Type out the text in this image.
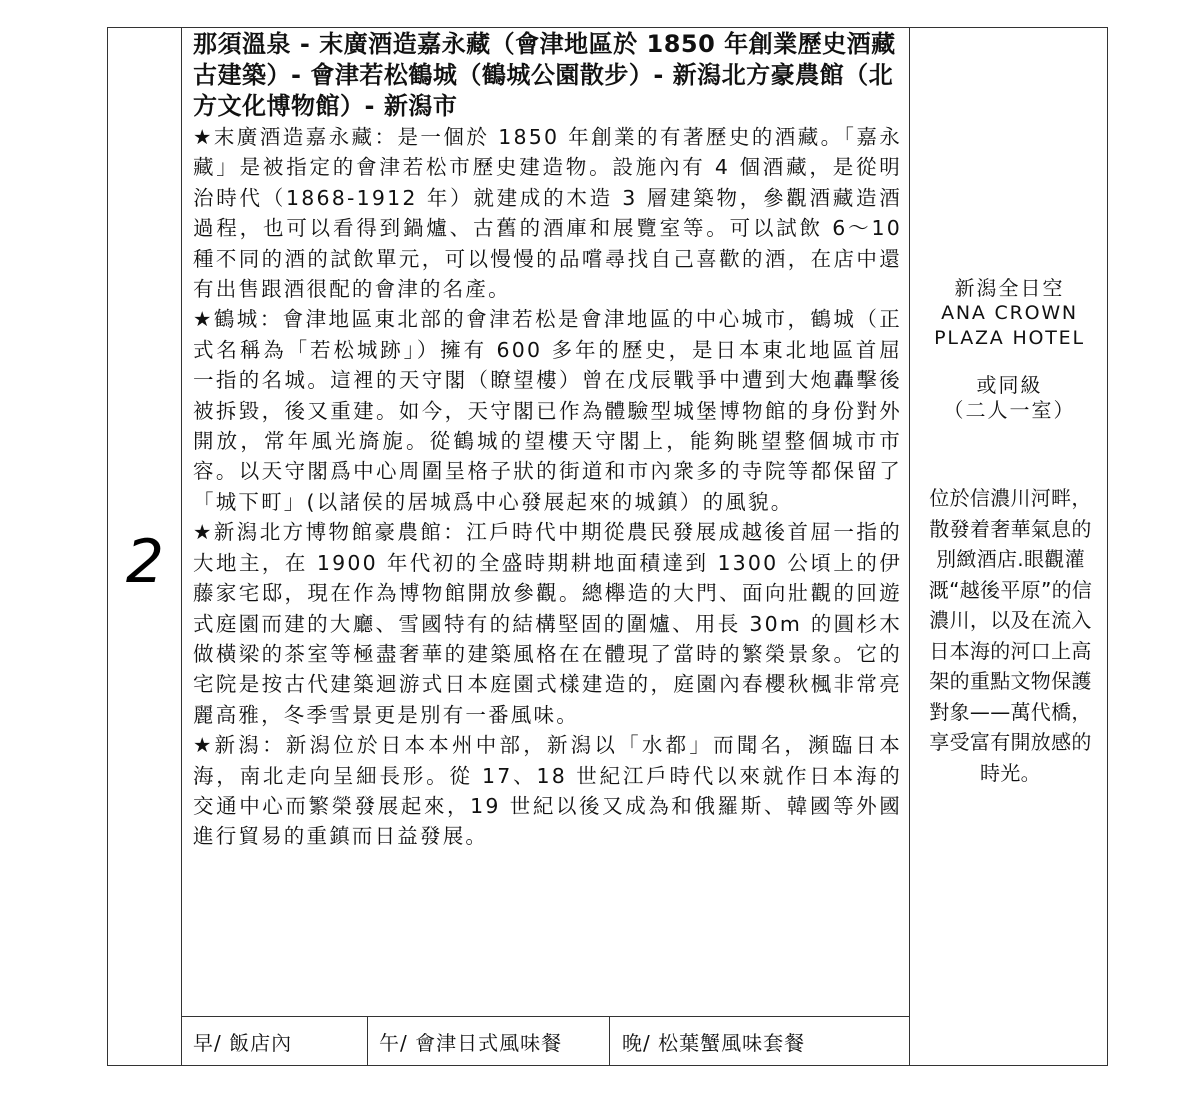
2
那須溫泉 - 末廣酒造嘉永藏（會津地區於 1850 年創業歷史酒藏古建築）- 會津若松鶴城（鶴城公園散步）- 新潟北方豪農館（北方文化博物館）- 新潟市

★末廣酒造嘉永藏：是一個於 1850 年創業的有著歷史的酒藏。「嘉永藏」是被指定的會津若松市歷史建造物。設施內有 4 個酒藏，是從明治時代（1868-1912 年）就建成的木造 3 層建築物，參觀酒藏造酒過程，也可以看得到鍋爐、古舊的酒庫和展覽室等。可以試飲 6～10 種不同的酒的試飲單元，可以慢慢的品嚐尋找自己喜歡的酒，在店中還有出售跟酒很配的會津的名產。

★鶴城：會津地區東北部的會津若松是會津地區的中心城市，鶴城（正式名稱為「若松城跡」）擁有 600 多年的歷史，是日本東北地區首屈一指的名城。這裡的天守閣（瞭望樓）曾在戊辰戰爭中遭到大炮轟擊後被拆毀，後又重建。如今，天守閣已作為體驗型城堡博物館的身份對外開放，常年風光旖旎。從鶴城的望樓天守閣上，能夠眺望整個城市市容。以天守閣爲中心周圍呈格子狀的街道和市內衆多的寺院等都保留了「城下町」(以諸侯的居城爲中心發展起來的城鎮）的風貌。

★新潟北方博物館豪農館：江戶時代中期從農民發展成越後首屈一指的大地主，在 1900 年代初的全盛時期耕地面積達到 1300 公頃上的伊藤家宅邸，現在作為博物館開放參觀。總櫸造的大門、面向壯觀的回遊式庭園而建的大廳、雪國特有的結構堅固的圍爐、用長 30m 的圓杉木做橫梁的茶室等極盡奢華的建築風格在在體現了當時的繁榮景象。它的宅院是按古代建築迴游式日本庭園式樣建造的，庭園內春櫻秋楓非常亮麗高雅，冬季雪景更是別有一番風味。

★新潟：新潟位於日本本州中部，新潟以「水都」而聞名，瀕臨日本海，南北走向呈細長形。從 17、18 世紀江戶時代以來就作日本海的交通中心而繁榮發展起來，19 世紀以後又成為和俄羅斯、韓國等外國進行貿易的重鎮而日益發展。

早/ 飯店內	午/ 會津日式風味餐	晚/ 松葉蟹風味套餐
新潟全日空
ANA CROWN
PLAZA HOTEL
或同級
（二人一室）
位於信濃川河畔，散發着奢華氣息的別緻酒店.眼觀灌溉“越後平原”的信濃川，以及在流入日本海的河口上高架的重點文物保護對象——萬代橋，享受富有開放感的時光。
